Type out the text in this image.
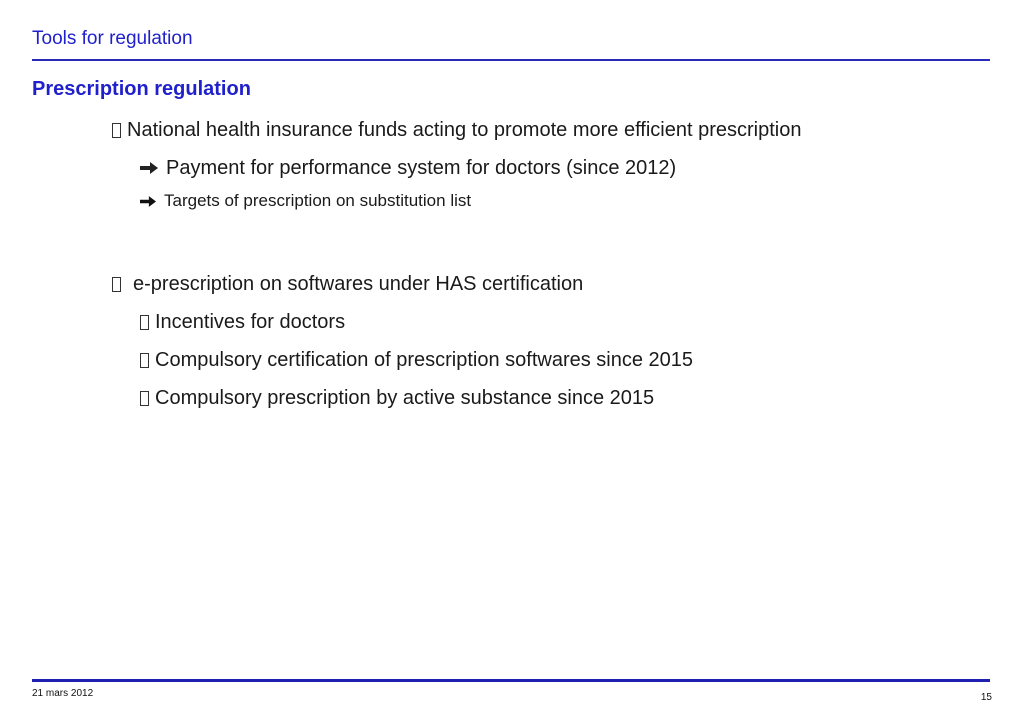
Tools for regulation
Prescription regulation
National health insurance funds acting to promote more efficient prescription
Payment for performance system for doctors (since 2012)
Targets of prescription on substitution list
e-prescription on softwares under HAS certification
Incentives for doctors
Compulsory certification of prescription softwares since 2015
Compulsory prescription by active substance since 2015
21 mars 2012	15
